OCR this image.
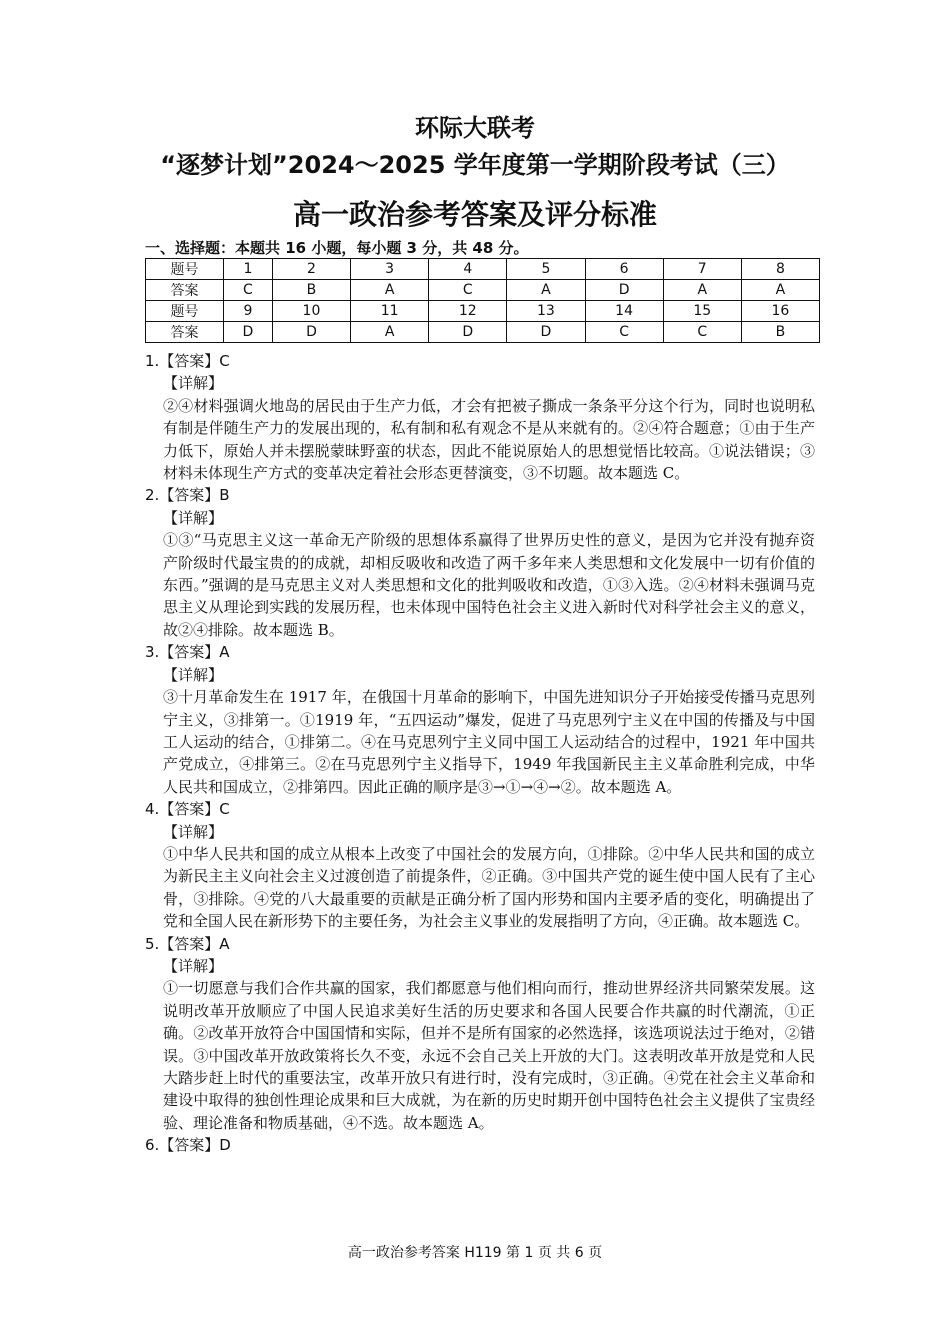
环际大联考
“逐梦计划”2024～2025 学年度第一学期阶段考试（三）
高一政治参考答案及评分标准
一、选择题：本题共 16 小题，每小题 3 分，共 48 分。
题号	1	2	3	4	5	6	7	8
答案	C	B	A	C	A	D	A	A
题号	9	10	11	12	13	14	15	16
答案	D	D	A	D	D	C	C	B

1.【答案】C

【详解】

②④材料强调火地岛的居民由于生产力低，才会有把被子撕成一条条平分这个行为，同时也说明私有制是伴随生产力的发展出现的，私有制和私有观念不是从来就有的。②④符合题意；①由于生产力低下，原始人并未摆脱蒙昧野蛮的状态，因此不能说原始人的思想觉悟比较高。①说法错误；③材料未体现生产方式的变革决定着社会形态更替演变，③不切题。故本题选 C。

2.【答案】B

【详解】

①③“马克思主义这一革命无产阶级的思想体系赢得了世界历史性的意义，是因为它并没有抛弃资产阶级时代最宝贵的的成就，却相反吸收和改造了两千多年来人类思想和文化发展中一切有价值的东西。”强调的是马克思主义对人类思想和文化的批判吸收和改造，①③入选。②④材料未强调马克思主义从理论到实践的发展历程，也未体现中国特色社会主义进入新时代对科学社会主义的意义，故②④排除。故本题选 B。

3.【答案】A

【详解】

③十月革命发生在 1917 年，在俄国十月革命的影响下，中国先进知识分子开始接受传播马克思列宁主义，③排第一。①1919 年，“五四运动”爆发，促进了马克思列宁主义在中国的传播及与中国工人运动的结合，①排第二。④在马克思列宁主义同中国工人运动结合的过程中，1921 年中国共产党成立，④排第三。②在马克思列宁主义指导下，1949 年我国新民主主义革命胜利完成，中华人民共和国成立，②排第四。因此正确的顺序是③→①→④→②。故本题选 A。

4.【答案】C

【详解】

①中华人民共和国的成立从根本上改变了中国社会的发展方向，①排除。②中华人民共和国的成立为新民主主义向社会主义过渡创造了前提条件，②正确。③中国共产党的诞生使中国人民有了主心骨，③排除。④党的八大最重要的贡献是正确分析了国内形势和国内主要矛盾的变化，明确提出了党和全国人民在新形势下的主要任务，为社会主义事业的发展指明了方向，④正确。故本题选 C。

5.【答案】A

【详解】

①一切愿意与我们合作共赢的国家，我们都愿意与他们相向而行，推动世界经济共同繁荣发展。这说明改革开放顺应了中国人民追求美好生活的历史要求和各国人民要合作共赢的时代潮流，①正确。②改革开放符合中国国情和实际，但并不是所有国家的必然选择，该选项说法过于绝对，②错误。③中国改革开放政策将长久不变，永远不会自己关上开放的大门。这表明改革开放是党和人民大踏步赶上时代的重要法宝，改革开放只有进行时，没有完成时，③正确。④党在社会主义革命和建设中取得的独创性理论成果和巨大成就，为在新的历史时期开创中国特色社会主义提供了宝贵经验、理论准备和物质基础，④不选。故本题选 A。

6.【答案】D

高一政治参考答案 H119 第 1 页 共 6 页
